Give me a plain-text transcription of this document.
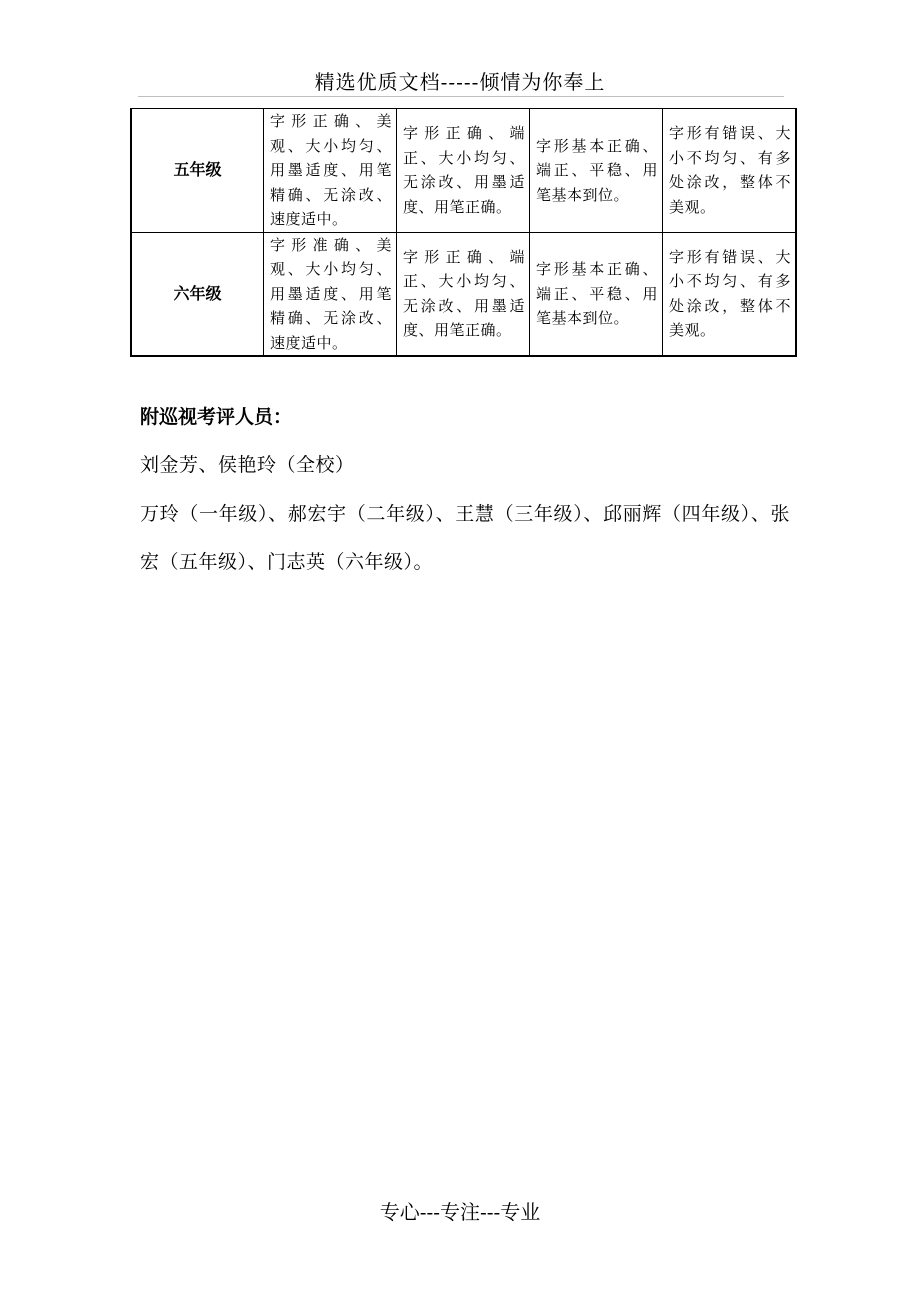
精选优质文档-----倾情为你奉上
五年级	字形正确、美观、大小均匀、用墨适度、用笔精确、无涂改、速度适中。	字形正确、端正、大小均匀、无涂改、用墨适度、用笔正确。	字形基本正确、端正、平稳、用笔基本到位。	字形有错误、大小不均匀、有多处涂改，整体不美观。

六年级	字形准确、美观、大小均匀、用墨适度、用笔精确、无涂改、速度适中。	字形正确、端正、大小均匀、无涂改、用墨适度、用笔正确。	字形基本正确、端正、平稳、用笔基本到位。	字形有错误、大小不均匀、有多处涂改，整体不美观。
附巡视考评人员：
刘金芳、侯艳玲（全校）
万玲（一年级）、郝宏宇（二年级）、王慧（三年级）、邱丽辉（四年级）、张宏（五年级）、门志英（六年级）。
专心---专注---专业
